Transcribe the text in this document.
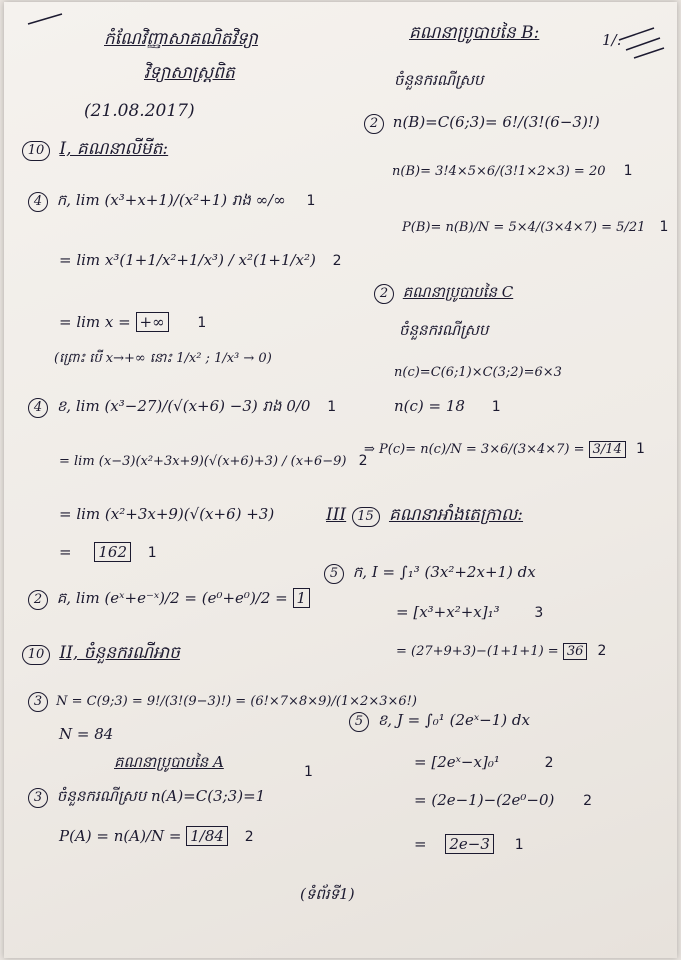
កំណែវិញ្ញាសាគណិតវិទ្យា
វិទ្យាសាស្ត្រពិត
(21.08.2017)
គណនាប្រូបាបនៃ B:	1/.
10 I, គណនាលីមីត:
4 ក, lim (x³+x+1)/(x²+1) រាង ∞/∞ 1
= lim x³(1+1/x²+1/x³) / x²(1+1/x²) 2
= lim x = +∞ 1
(ព្រោះ បើ x→+∞ នោះ 1/x² ; 1/x³ → 0)
4 ខ, lim (x³−27)/(√(x+6) −3) រាង 0/0 1
= lim (x−3)(x²+3x+9)(√(x+6)+3) / (x+6−9) 2
= lim (x²+3x+9)(√(x+6) +3)
= 162 1
2 គ, lim (eˣ+e⁻ˣ)/2 = (e⁰+e⁰)/2 = 1
10 II, ចំនួនករណីអាច
3 N = C(9;3) = 9!/(3!(9−3)!) = (6!×7×8×9)/(1×2×3×6!)
N = 84
គណនាប្រូបាបនៃ A
1
3 ចំនួនករណីស្រប n(A)=C(3;3)=1
P(A) = n(A)/N = 1/84 2
ចំនួនករណីស្រប
2 n(B)=C(6;3)= 6!/(3!(6−3)!)
n(B)= 3!4×5×6/(3!1×2×3) = 20 1
P(B)= n(B)/N = 5×4/(3×4×7) = 5/21 1
2 គណនាប្រូបាបនៃ C
ចំនួនករណីស្រប
n(c)=C(6;1)×C(3;2)=6×3
n(c) = 18 1
⇒ P(c)= n(c)/N = 3×6/(3×4×7) = 3/14 1
III 15 គណនាអាំងតេក្រាល:
5 ក, I = ∫₁³ (3x²+2x+1) dx
= [x³+x²+x]₁³ 3
= (27+9+3)−(1+1+1) = 36 2
5 ខ, J = ∫₀¹ (2eˣ−1) dx
= [2eˣ−x]₀¹	2
= (2e−1)−(2e⁰−0) 2
= 2e−3 1
(ទំព័រទី1)
